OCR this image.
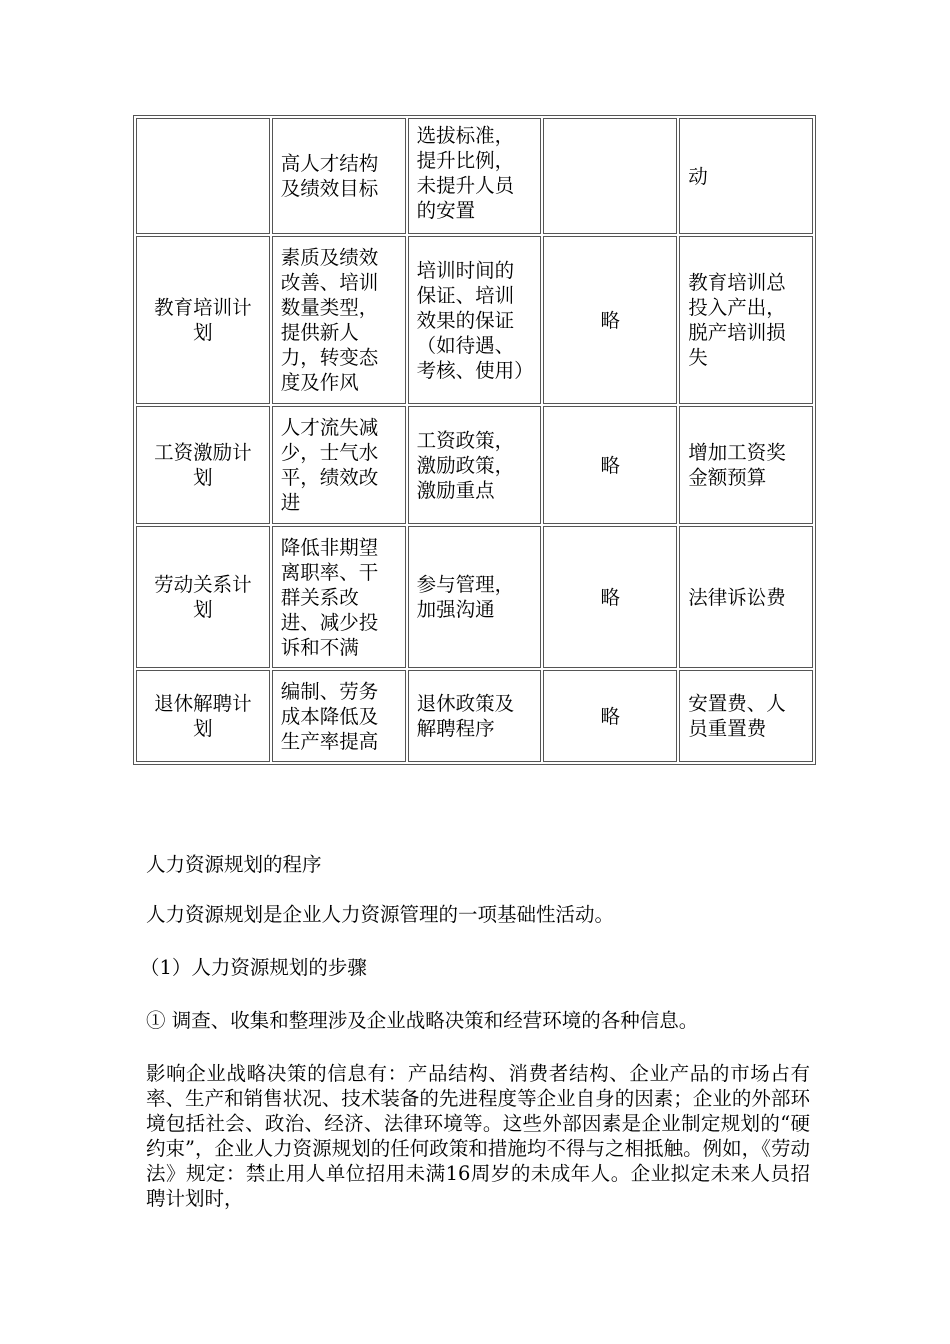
	高人才结构及绩效目标	选拔标准，提升比例，未提升人员的安置		动
教育培训计划	素质及绩效改善、培训数量类型，提供新人力，转变态度及作风	培训时间的保证、培训效果的保证（如待遇、考核、使用）	略	教育培训总投入产出，脱产培训损失
工资激励计划	人才流失减少，士气水平，绩效改进	工资政策，激励政策，激励重点	略	增加工资奖金额预算
劳动关系计划	降低非期望离职率、干群关系改进、减少投诉和不满	参与管理，加强沟通	略	法律诉讼费
退休解聘计划	编制、劳务成本降低及生产率提高	退休政策及解聘程序	略	安置费、人员重置费

人力资源规划的程序

人力资源规划是企业人力资源管理的一项基础性活动。

（1）人力资源规划的步骤

① 调查、收集和整理涉及企业战略决策和经营环境的各种信息。

影响企业战略决策的信息有：产品结构、消费者结构、企业产品的市场占有率、生产和销售状况、技术装备的先进程度等企业自身的因素；企业的外部环境包括社会、政治、经济、法律环境等。这些外部因素是企业制定规划的“硬约束”，企业人力资源规划的任何政策和措施均不得与之相抵触。例如，《劳动法》规定：禁止用人单位招用未满16周岁的未成年人。企业拟定未来人员招聘计划时，
